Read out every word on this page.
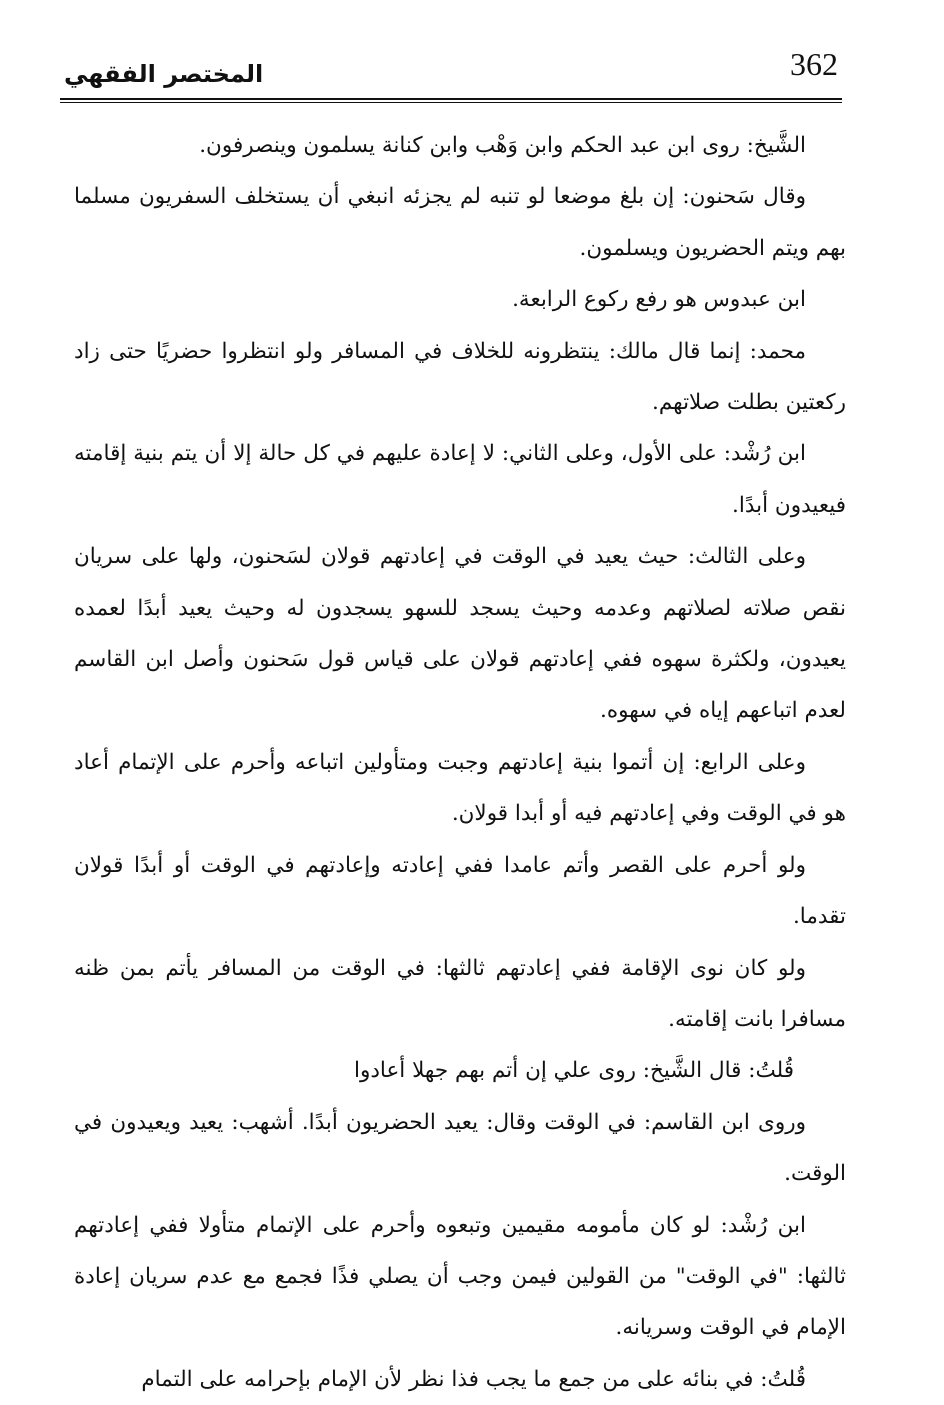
362
المختصر الفقهي

الشَّيخ: روى ابن عبد الحكم وابن وَهْب وابن كنانة يسلمون وينصرفون.

وقال سَحنون: إن بلغ موضعا لو تنبه لم يجزئه انبغي أن يستخلف السفريون مسلما بهم ويتم الحضريون ويسلمون.

ابن عبدوس هو رفع ركوع الرابعة.

محمد: إنما قال مالك: ينتظرونه للخلاف في المسافر ولو انتظروا حضريًا حتى زاد ركعتين بطلت صلاتهم.

ابن رُشْد: على الأول، وعلى الثاني: لا إعادة عليهم في كل حالة إلا أن يتم بنية إقامته فيعيدون أبدًا.

وعلى الثالث: حيث يعيد في الوقت في إعادتهم قولان لسَحنون، ولها على سريان نقص صلاته لصلاتهم وعدمه وحيث يسجد للسهو يسجدون له وحيث يعيد أبدًا لعمده يعيدون، ولكثرة سهوه ففي إعادتهم قولان على قياس قول سَحنون وأصل ابن القاسم لعدم اتباعهم إياه في سهوه.

وعلى الرابع: إن أتموا بنية إعادتهم وجبت ومتأولين اتباعه وأحرم على الإتمام أعاد هو في الوقت وفي إعادتهم فيه أو أبدا قولان.

ولو أحرم على القصر وأتم عامدا ففي إعادته وإعادتهم في الوقت أو أبدًا قولان تقدما.

ولو كان نوى الإقامة ففي إعادتهم ثالثها: في الوقت من المسافر يأتم بمن ظنه مسافرا بانت إقامته.

قُلتُ: قال الشَّيخ: روى علي إن أتم بهم جهلا أعادوا

وروى ابن القاسم: في الوقت وقال: يعيد الحضريون أبدًا. أشهب: يعيد ويعيدون في الوقت.

ابن رُشْد: لو كان مأمومه مقيمين وتبعوه وأحرم على الإتمام متأولا ففي إعادتهم ثالثها: "في الوقت" من القولين فيمن وجب أن يصلي فذًا فجمع مع عدم سريان إعادة الإمام في الوقت وسريانه.

قُلتُ: في بنائه على من جمع ما يجب فذا نظر لأن الإمام بإحرامه على التمام
